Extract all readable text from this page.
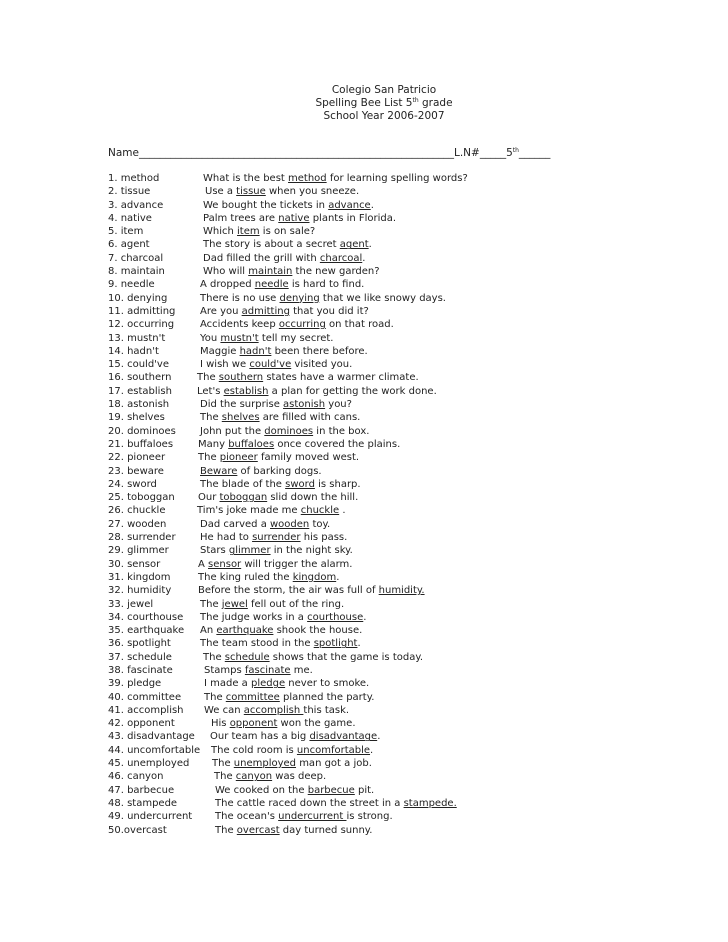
Colegio San Patricio
Spelling Bee List 5th grade
School Year 2006-2007
Name____________________________________________________________L.N#_____5th______
1. method	What is the best method for learning spelling words?
2. tissue	Use a tissue when you sneeze.
3. advance	We bought the tickets in advance.
4. native	Palm trees are native plants in Florida.
5. item	Which item is on sale?
6. agent	The story is about a secret agent.
7. charcoal	Dad filled the grill with charcoal.
8. maintain	Who will maintain the new garden?
9. needle	A dropped needle is hard to find.
10. denying	There is no use denying that we like snowy days.
11. admitting Are you admitting that you did it?
12. occurring	Accidents keep occurring on that road.
13. mustn't	You mustn't tell my secret.
14. hadn't	Maggie hadn't been there before.
15. could've	I wish we could've visited you.
16. southern	The southern states have a warmer climate.
17. establish	Let's establish a plan for getting the work done.
18. astonish	Did the surprise astonish you?
19. shelves	The shelves are filled with cans.
20. dominoes John put the dominoes in the box.
21. buffaloes Many buffaloes once covered the plains.
22. pioneer	The pioneer family moved west.
23. beware	Beware of barking dogs.
24. sword	The blade of the sword is sharp.
25. toboggan Our toboggan slid down the hill.
26. chuckle	Tim's joke made me chuckle .
27. wooden	Dad carved a wooden toy.
28. surrender He had to surrender his pass.
29. glimmer	Stars glimmer in the night sky.
30. sensor	A sensor will trigger the alarm.
31. kingdom	The king ruled the kingdom.
32. humidity	Before the storm, the air was full of humidity.
33. jewel	The jewel fell out of the ring.
34. courthouse The judge works in a courthouse.
35. earthquake An earthquake shook the house.
36. spotlight	The team stood in the spotlight.
37. schedule	The schedule shows that the game is today.
38. fascinate	Stamps fascinate me.
39. pledge	I made a pledge never to smoke.
40. committee The committee planned the party.
41. accomplish We can accomplish this task.
42. opponent	His opponent won the game.
43. disadvantage Our team has a big disadvantage.
44. uncomfortable The cold room is uncomfortable.
45. unemployed The unemployed man got a job.
46. canyon	The canyon was deep.
47. barbecue	We cooked on the barbecue pit.
48. stampede	The cattle raced down the street in a stampede.
49. undercurrent The ocean's undercurrent is strong.
50.overcast	The overcast day turned sunny.
